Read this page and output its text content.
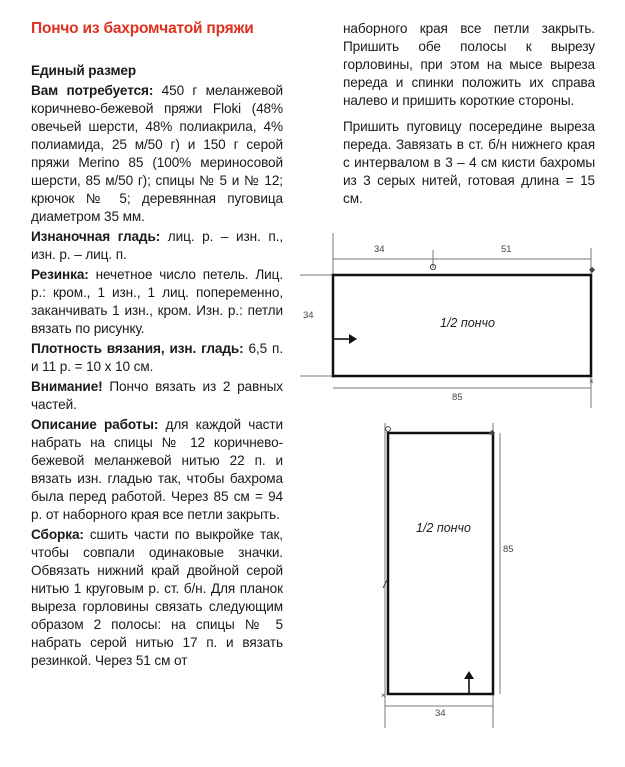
Пончо из бахромчатой пряжи

Единый размер

Вам потребуется: 450 г меланжевой коричнево-бежевой пряжи Floki (48% овечьей шерсти, 48% полиакрила, 4% полиамида, 25 м/50 г) и 150 г серой пряжи Merino 85 (100% мериносовой шерсти, 85 м/50 г); спицы № 5 и № 12; крючок № 5; деревянная пуговица диаметром 35 мм.

Изнаночная гладь: лиц. р. – изн. п., изн. р. – лиц. п.

Резинка: нечетное число петель. Лиц. р.: кром., 1 изн., 1 лиц. попеременно, заканчивать 1 изн., кром. Изн. р.: петли вязать по рисунку.

Плотность вязания, изн. гладь: 6,5 п. и 11 р. = 10 х 10 см.

Внимание! Пончо вязать из 2 равных частей.

Описание работы: для каждой части набрать на спицы № 12 коричнево-бежевой меланжевой нитью 22 п. и вязать изн. гладью так, чтобы бахрома была перед работой. Через 85 см = 94 р. от наборного края все петли закрыть.

Сборка: сшить части по выкройке так, чтобы совпали одинаковые значки. Обвязать нижний край двойной серой нитью 1 круговым р. ст. б/н. Для планок выреза горловины связать следующим образом 2 полосы: на спицы № 5 набрать серой нитью 17 п. и вязать резинкой. Через 51 см от

наборного края все петли закрыть. Пришить обе полосы к вырезу горловины, при этом на мысе выреза переда и спинки положить их справа налево и пришить короткие стороны.

Пришить пуговицу посередине выреза переда. Завязать в ст. б/н нижнего края с интервалом в 3 – 4 см кисти бахромы из 3 серых нитей, готовая длина = 15 см.

◆
×
◆
×
34	51
34
85
1/2 пончо
1/2 пончо
85
34
